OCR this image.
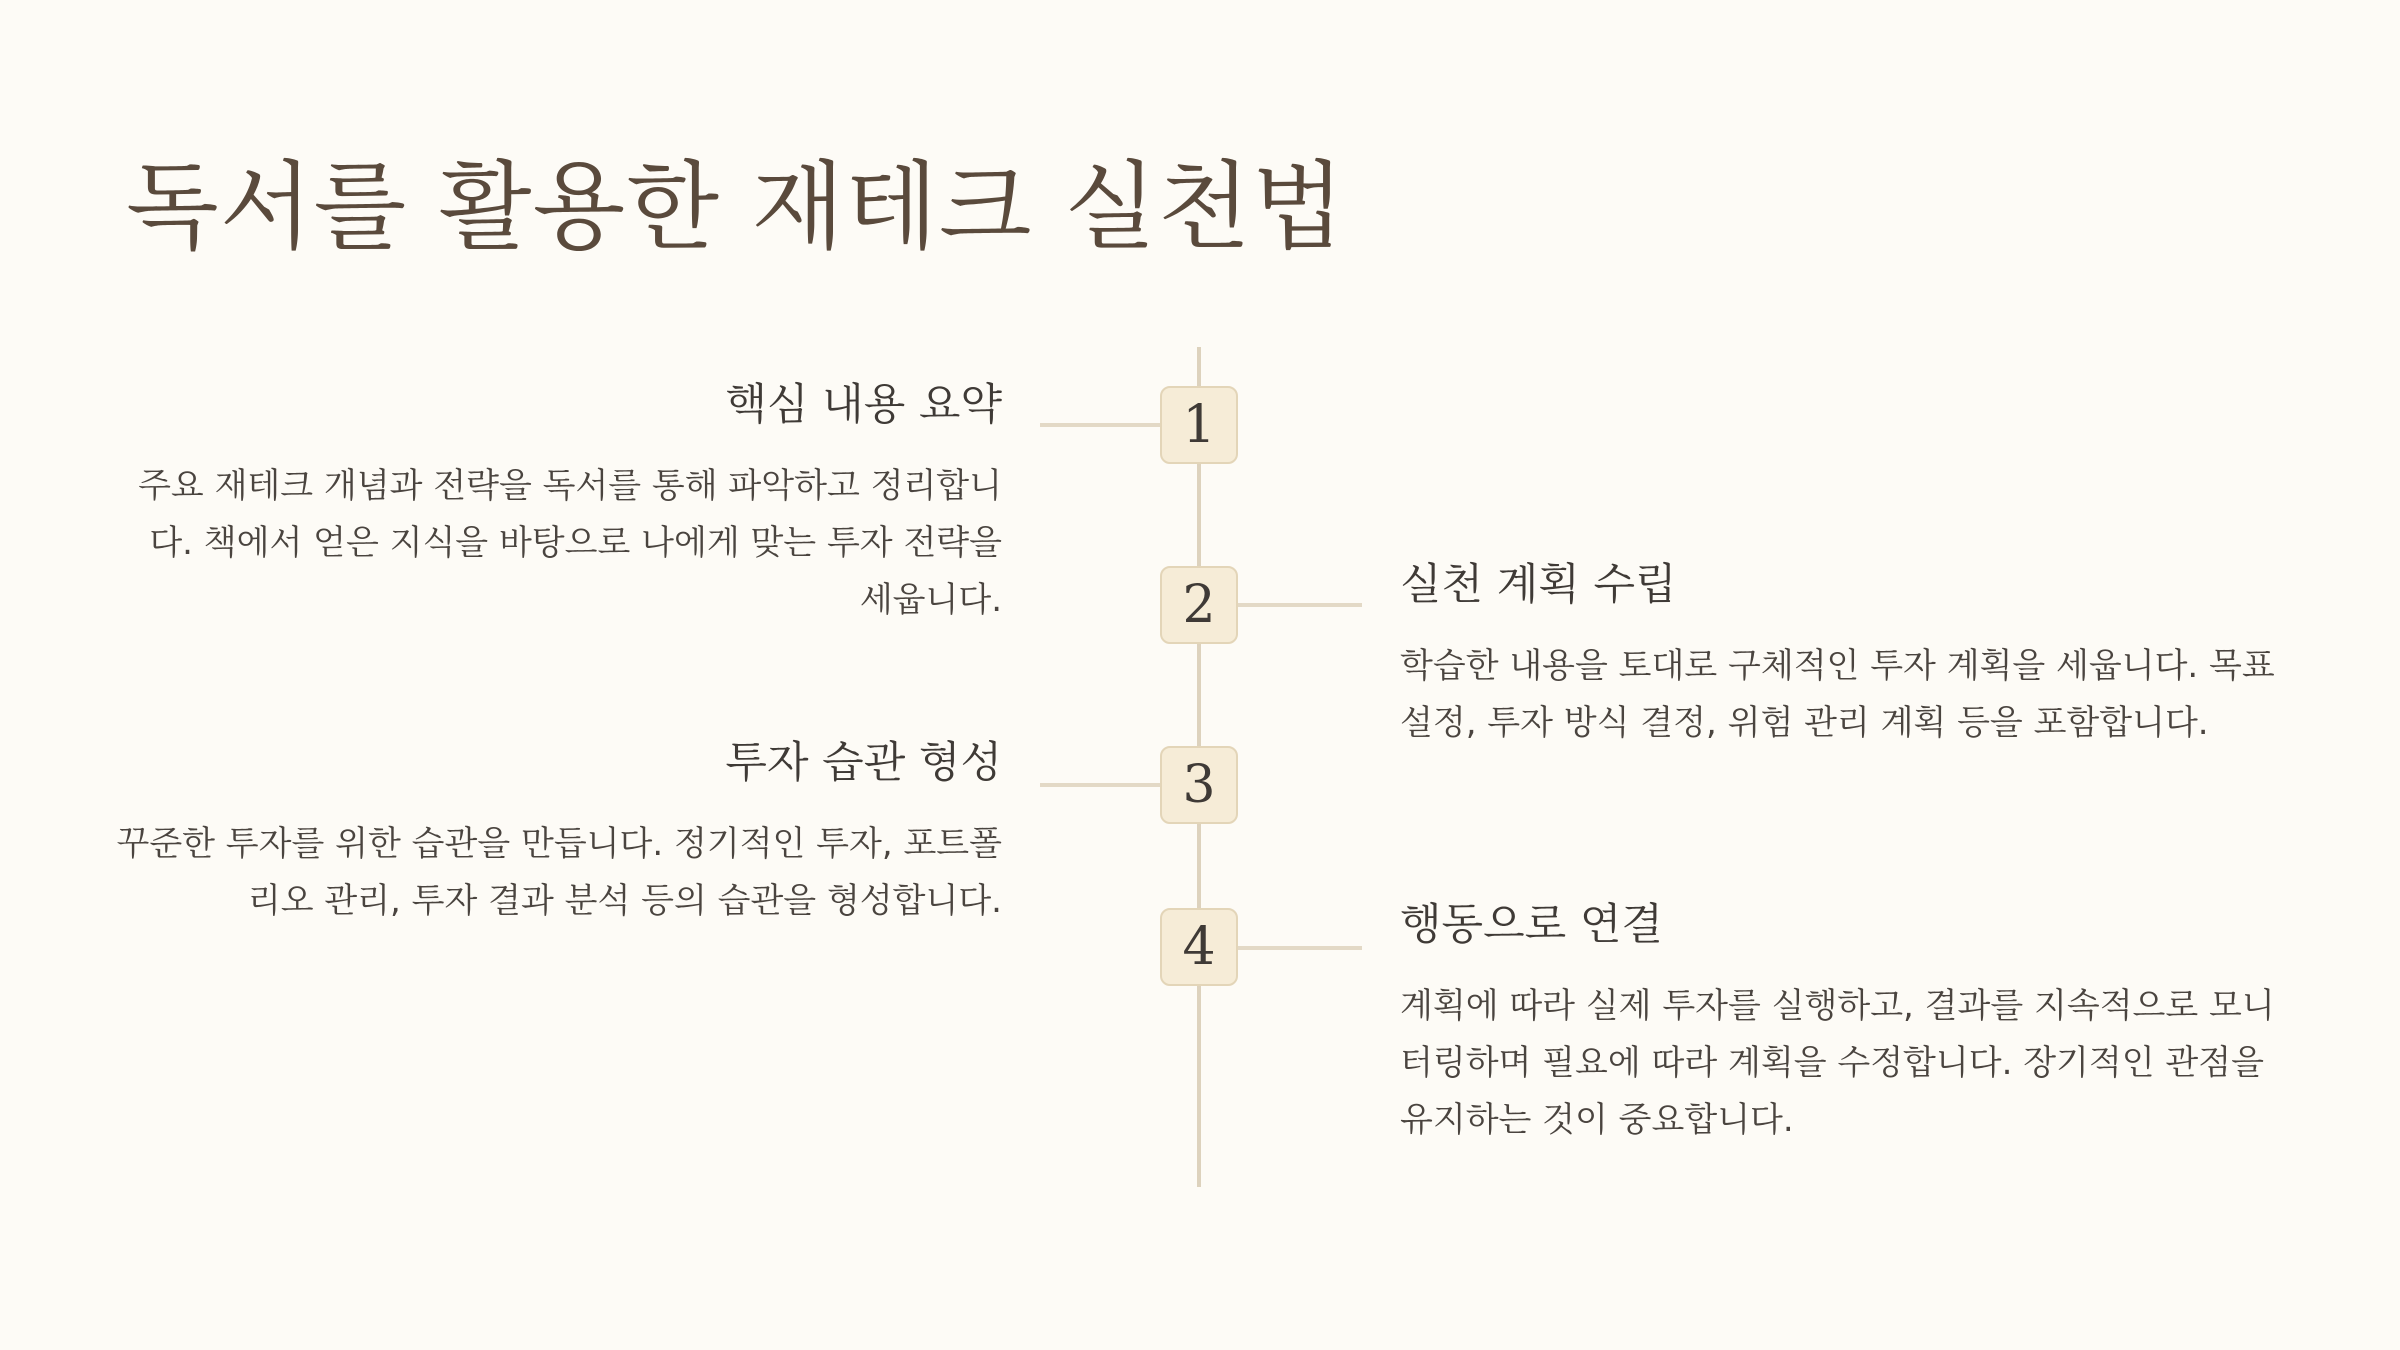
독서를 활용한 재테크 실천법
1
2
3
4
핵심 내용 요약

주요 재테크 개념과 전략을 독서를 통해 파악하고 정리합니다. 책에서 얻은 지식을 바탕으로 나에게 맞는 투자 전략을 세웁니다.	실천 계획 수립

학습한 내용을 토대로 구체적인 투자 계획을 세웁니다. 목표 설정, 투자 방식 결정, 위험 관리 계획 등을 포함합니다.

투자 습관 형성

꾸준한 투자를 위한 습관을 만듭니다. 정기적인 투자, 포트폴리오 관리, 투자 결과 분석 등의 습관을 형성합니다.	행동으로 연결

계획에 따라 실제 투자를 실행하고, 결과를 지속적으로 모니터링하며 필요에 따라 계획을 수정합니다. 장기적인 관점을 유지하는 것이 중요합니다.
